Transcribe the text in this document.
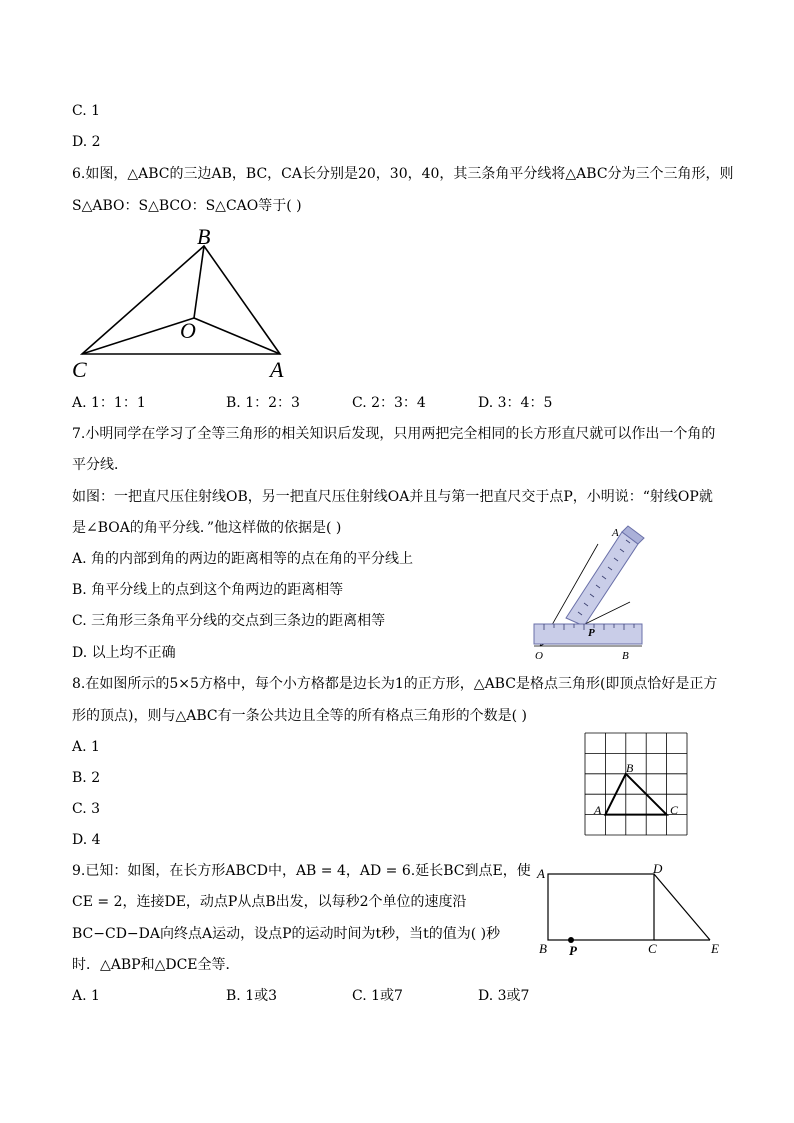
C. 1
D. 2
6.如图，△ABC的三边AB，BC，CA长分别是20，30，40，其三条角平分线将△ABC分为三个三角形，则
S△ABO：S△BCO：S△CAO等于( )
B
O
C	A
A. 1：1：1	B. 1：2：3	C. 2：3：4	D. 3：4：5
7.小明同学在学习了全等三角形的相关知识后发现，只用两把完全相同的长方形直尺就可以作出一个角的
平分线．
如图：一把直尺压住射线OB，另一把直尺压住射线OA并且与第一把直尺交于点P，小明说：“射线OP就
是∠BOA的角平分线．”他这样做的依据是( )
A. 角的内部到角的两边的距离相等的点在角的平分线上
B. 角平分线上的点到这个角两边的距离相等
C. 三角形三条角平分线的交点到三条边的距离相等
D. 以上均不正确
A
P
O	B
8.在如图所示的5×5方格中，每个小方格都是边长为1的正方形，△ABC是格点三角形(即顶点恰好是正方
形的顶点)，则与△ABC有一条公共边且全等的所有格点三角形的个数是( )
A. 1
B. 2
C. 3
D. 4
A
B
C
9.已知：如图，在长方形ABCD中，AB = 4，AD = 6.延长BC到点E，使
CE = 2，连接DE，动点P从点B出发，以每秒2个单位的速度沿
BC−CD−DA向终点A运动，设点P的运动时间为t秒，当t的值为( )秒
时．△ABP和△DCE全等．
A	D
B P	C	E
A. 1	B. 1或3	C. 1或7	D. 3或7
